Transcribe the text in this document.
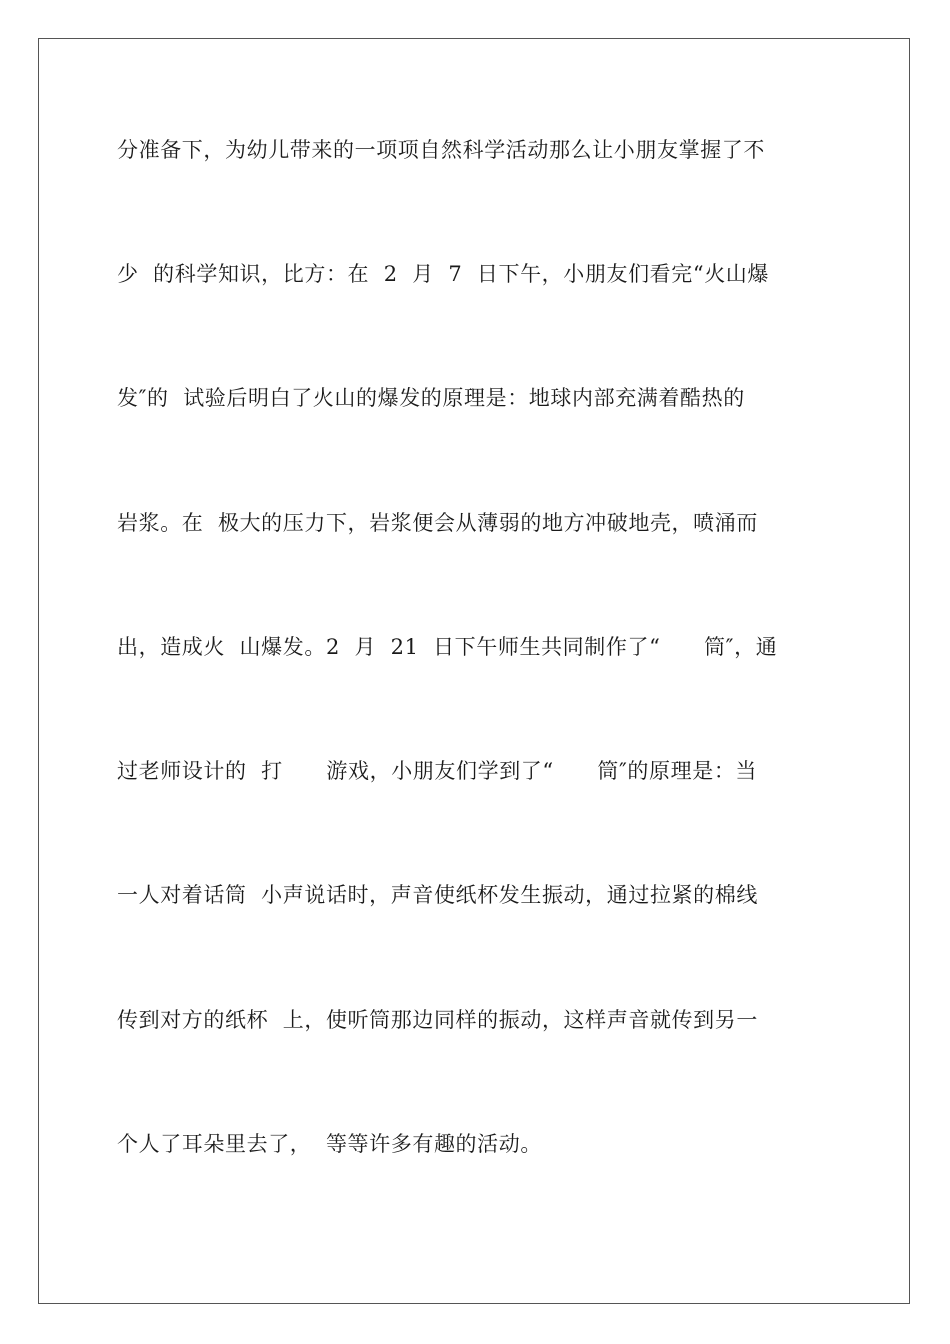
分准备下，为幼儿带来的一项项自然科学活动那么让小朋友掌握了不
少  的科学知识，比方：在  2  月  7  日下午，小朋友们看完“火山爆
发″的  试验后明白了火山的爆发的原理是：地球内部充满着酷热的
岩浆。在  极大的压力下，岩浆便会从薄弱的地方冲破地壳，喷涌而
出，造成火  山爆发。2  月  21  日下午师生共同制作了“      筒″，通
过老师设计的  打      游戏，小朋友们学到了“      筒″的原理是：当
一人对着话筒  小声说话时，声音使纸杯发生振动，通过拉紧的棉线
传到对方的纸杯  上，使听筒那边同样的振动，这样声音就传到另一
个人了耳朵里去了，  等等许多有趣的活动。
